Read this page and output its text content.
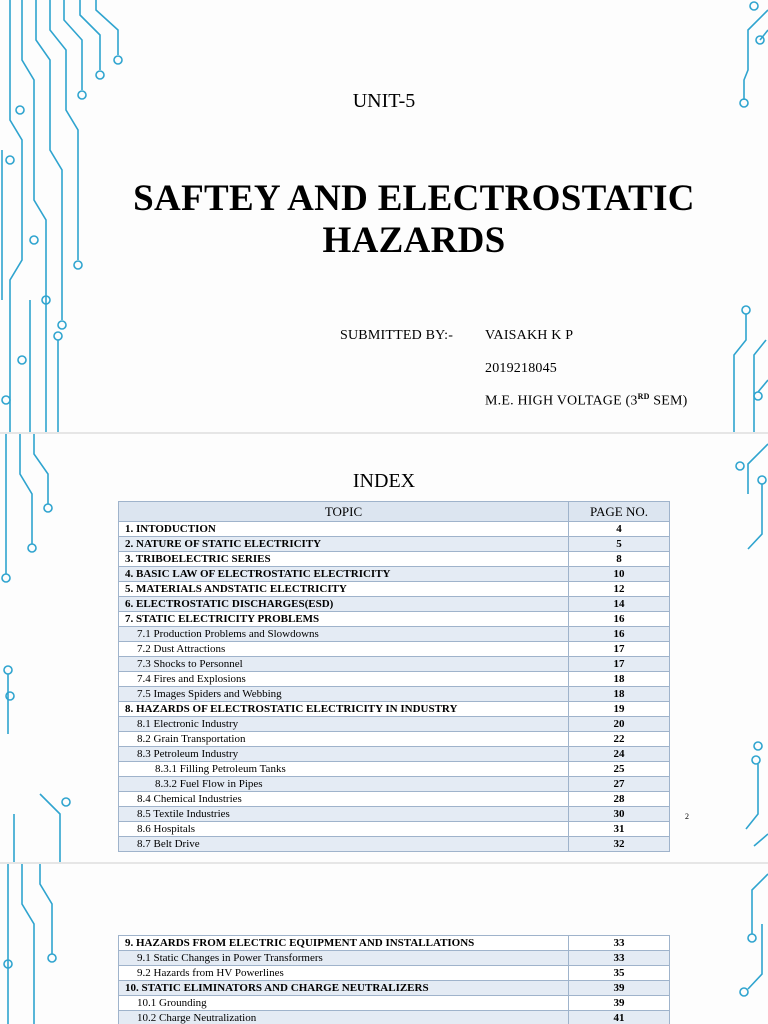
UNIT-5
SAFTEY AND ELECTROSTATIC HAZARDS
SUBMITTED BY:- VAISAKH K P
2019218045
M.E. HIGH VOLTAGE (3RD SEM)
INDEX
TOPIC	PAGE NO.
1. INTODUCTION	4
2. NATURE OF STATIC ELECTRICITY	5
3. TRIBOELECTRIC SERIES	8
4. BASIC LAW OF ELECTROSTATIC ELECTRICITY	10
5. MATERIALS ANDSTATIC ELECTRICITY	12
6. ELECTROSTATIC DISCHARGES(ESD)	14
7. STATIC ELECTRICITY PROBLEMS	16
7.1 Production Problems and Slowdowns	16
7.2 Dust Attractions	17
7.3 Shocks to Personnel	17
7.4 Fires and Explosions	18
7.5 Images Spiders and Webbing	18
8. HAZARDS OF ELECTROSTATIC ELECTRICITY IN INDUSTRY	19
8.1 Electronic Industry	20
8.2 Grain Transportation	22
8.3 Petroleum Industry	24
8.3.1 Filling Petroleum Tanks	25
8.3.2 Fuel Flow in Pipes	27
8.4 Chemical Industries	28
8.5 Textile Industries	30
8.6 Hospitals	31
8.7 Belt Drive	32
2
9. HAZARDS FROM ELECTRIC EQUIPMENT AND INSTALLATIONS	33
9.1 Static Changes in Power Transformers	33
9.2 Hazards from HV Powerlines	35
10. STATIC ELIMINATORS AND CHARGE NEUTRALIZERS	39
10.1 Grounding	39
10.2 Charge Neutralization	41
